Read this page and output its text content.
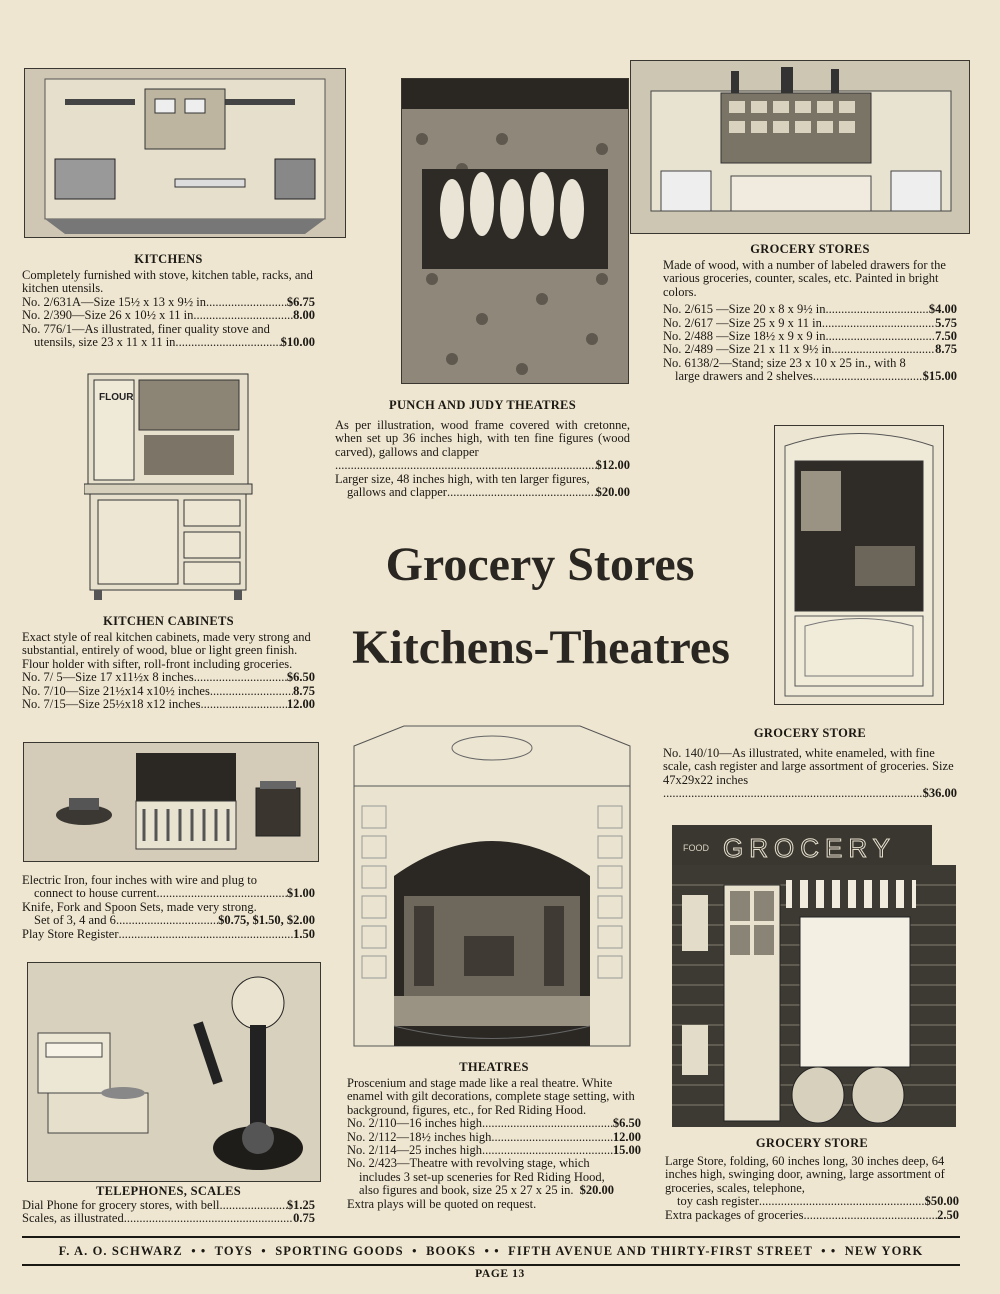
FLOUR
FOOD GROCERY
KITCHENS
Completely furnished with stove, kitchen table, racks, and kitchen utensils.
No. 2/631A—Size 15½ x 13 x 9½ in. .....	$6.75
No. 2/390—Size 26 x 10½ x 11 in. .....	8.00
No. 776/1—As illustrated, finer quality stove and
utensils, size 23 x 11 x 11 in. .....	$10.00
KITCHEN CABINETS
Exact style of real kitchen cabinets, made very strong and substantial, entirely of wood, blue or light green finish. Flour holder with sifter, roll-front including groceries.
No. 7/ 5—Size 17 x11½x 8 inches .....	$6.50
No. 7/10—Size 21½x14 x10½ inches .....	8.75
No. 7/15—Size 25½x18 x12 inches .....	12.00
Electric Iron, four inches with wire and plug to
connect to house current .....	$1.00
Knife, Fork and Spoon Sets, made very strong.
Set of 3, 4 and 6 .....	$0.75, $1.50, $2.00
Play Store Register .....	1.50
TELEPHONES, SCALES
Dial Phone for grocery stores, with bell .....	$1.25
Scales, as illustrated .....	0.75
PUNCH AND JUDY THEATRES
As per illustration, wood frame covered with cretonne, when set up 36 inches high, with ten fine figures (wood carved), gallows and clapper
.....
$12.00
Larger size, 48 inches high, with ten larger figures,
gallows and clapper .....	$20.00
Grocery Stores
Kitchens-Theatres
THEATRES
Proscenium and stage made like a real theatre. White enamel with gilt decorations, complete stage setting, with background, figures, etc., for Red Riding Hood.
No. 2/110—16 inches high .....	$6.50
No. 2/112—18½ inches high .....	12.00
No. 2/114—25 inches high .....	15.00
No. 2/423—Theatre with revolving stage, which
includes 3 set-up sceneries for Red Riding Hood,
also figures and book, size 25 x 27 x 25 in. $20.00
Extra plays will be quoted on request.
GROCERY STORES
Made of wood, with a number of labeled drawers for the various groceries, counter, scales, etc. Painted in bright colors.
No. 2/615 —Size 20 x 8 x 9½ in. .....	$4.00
No. 2/617 —Size 25 x 9 x 11 in. .....	5.75
No. 2/488 —Size 18½ x 9 x 9 in. .....	7.50
No. 2/489 —Size 21 x 11 x 9½ in. .....	8.75
No. 6138/2—Stand; size 23 x 10 x 25 in., with 8
large drawers and 2 shelves .....	$15.00
GROCERY STORE
No. 140/10—As illustrated, white enameled, with fine scale, cash register and large assortment of groceries. Size 47x29x22 inches
.....
$36.00
GROCERY STORE
Large Store, folding, 60 inches long, 30 inches deep, 64 inches high, swinging door, awning, large assortment of groceries, scales, telephone,
toy cash register .....	$50.00
Extra packages of groceries .....	2.50
F. A. O. SCHWARZ  • •  TOYS  •  SPORTING GOODS  •  BOOKS  • •  FIFTH AVENUE AND THIRTY-FIRST STREET  • •  NEW YORK
PAGE 13
